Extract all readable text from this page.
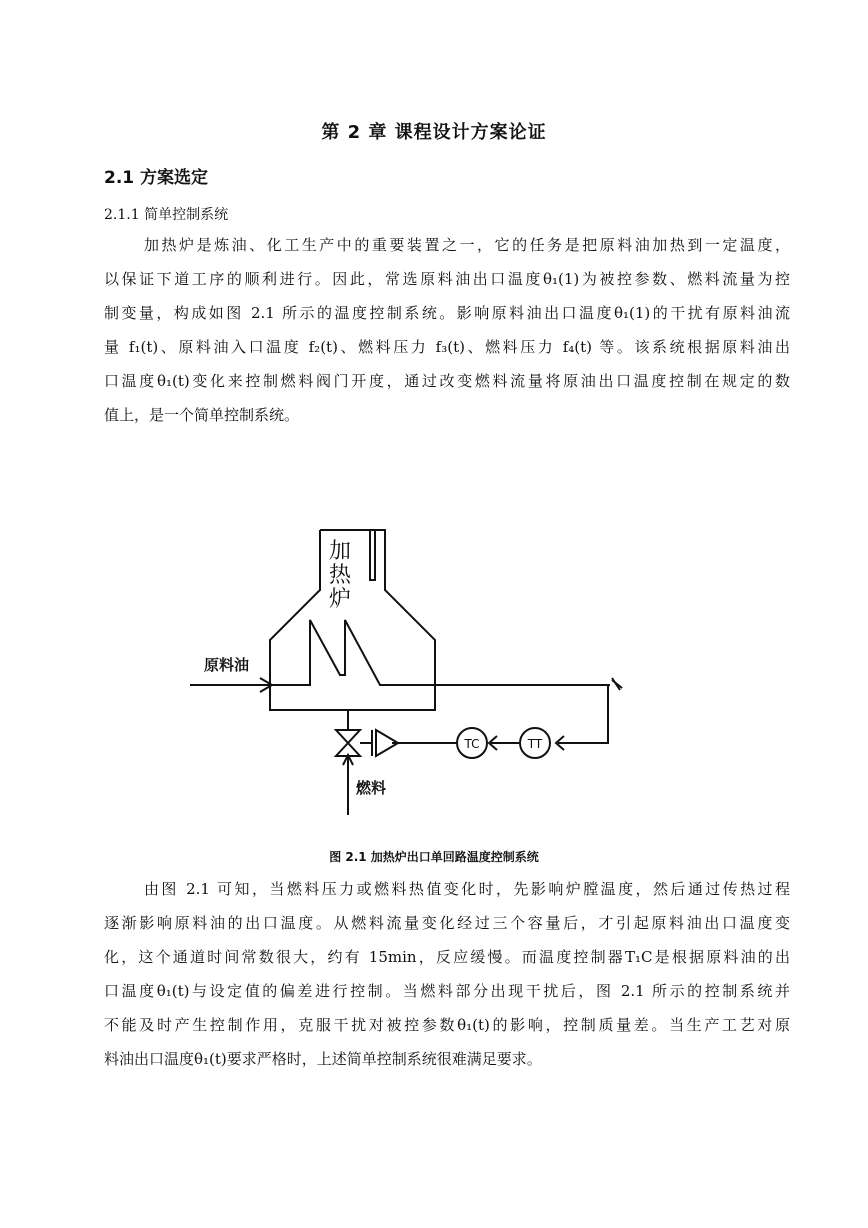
第 2 章 课程设计方案论证
2.1 方案选定
2.1.1 简单控制系统
加热炉是炼油、化工生产中的重要装置之一，它的任务是把原料油加热到一定温度，
以保证下道工序的顺利进行。因此，常选原料油出口温度θ₁(1)为被控参数、燃料流量为控
制变量，构成如图 2.1 所示的温度控制系统。影响原料油出口温度θ₁(1)的干扰有原料油流
量 f₁(t)、原料油入口温度 f₂(t)、燃料压力 f₃(t)、燃料压力 f₄(t) 等。该系统根据原料油出
口温度θ₁(t)变化来控制燃料阀门开度，通过改变燃料流量将原油出口温度控制在规定的数
值上，是一个简单控制系统。
加
热
炉
原料油
燃料
TC	TT
图 2.1 加热炉出口单回路温度控制系统
由图 2.1 可知，当燃料压力或燃料热值变化时，先影响炉膛温度，然后通过传热过程
逐渐影响原料油的出口温度。从燃料流量变化经过三个容量后，才引起原料油出口温度变
化，这个通道时间常数很大，约有 15min，反应缓慢。而温度控制器T₁C是根据原料油的出
口温度θ₁(t)与设定值的偏差进行控制。当燃料部分出现干扰后，图 2.1 所示的控制系统并
不能及时产生控制作用，克服干扰对被控参数θ₁(t)的影响，控制质量差。当生产工艺对原
料油出口温度θ₁(t)要求严格时，上述简单控制系统很难满足要求。
